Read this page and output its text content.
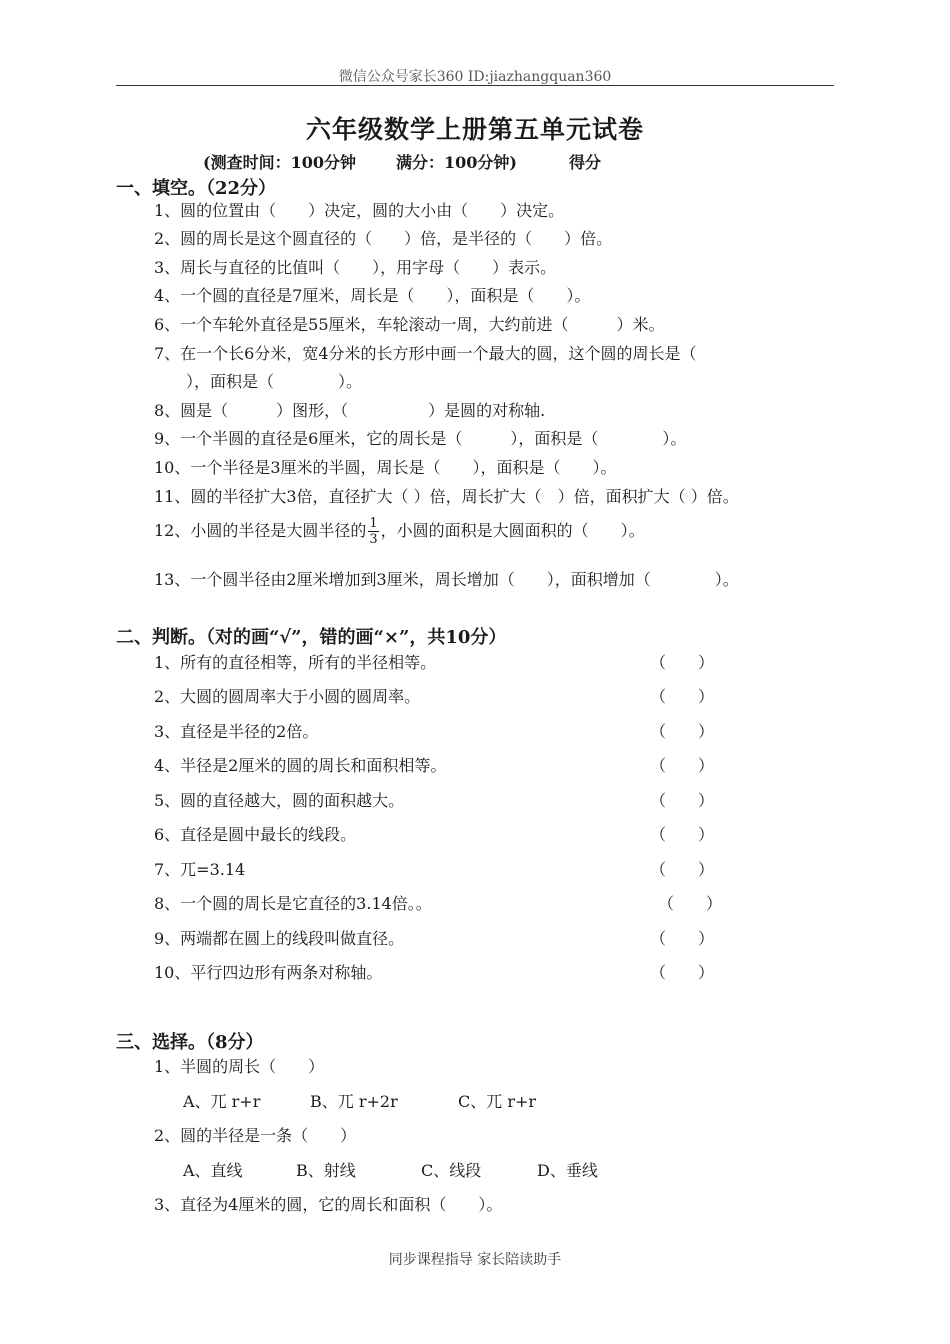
微信公众号家长360 ID:jiazhangquan360
六年级数学上册第五单元试卷
(测查时间：100分钟	满分：100分钟)	得分
一、填空。（22分）
1、圆的位置由（　　）决定，圆的大小由（　　）决定。
2、圆的周长是这个圆直径的（　　）倍，是半径的（　　）倍。
3、周长与直径的比值叫（　　），用字母（　　）表示。
4、一个圆的直径是7厘米，周长是（　　），面积是（　　）。
6、一个车轮外直径是55厘米，车轮滚动一周，大约前进（　　　）米。
7、在一个长6分米，宽4分米的长方形中画一个最大的圆，这个圆的周长是（
　　），面积是（　　　　）。
8、圆是（　　　）图形，（　　　　　）是圆的对称轴.
9、一个半圆的直径是6厘米，它的周长是（　　　），面积是（　　　　）。
10、一个半径是3厘米的半圆，周长是（　　），面积是（　　）。
11、圆的半径扩大3倍，直径扩大（ ）倍，周长扩大（　）倍，面积扩大（ ）倍。
12、小圆的半径是大圆半径的 $\frac{1}{3}$ ，小圆的面积是大圆面积的（　　）。
13、一个圆半径由2厘米增加到3厘米，周长增加（　　），面积增加（　　　　）。
二、判断。（对的画“√”，错的画“×”，共10分）
1、所有的直径相等，所有的半径相等。	（　　）
2、大圆的圆周率大于小圆的圆周率。	（　　）
3、直径是半径的2倍。	（　　）
4、半径是2厘米的圆的周长和面积相等。	（　　）
5、圆的直径越大，圆的面积越大。	（　　）
6、直径是圆中最长的线段。	（　　）
7、兀=3.14	（　　）
8、一个圆的周长是它直径的3.14倍。。	（　　）
9、两端都在圆上的线段叫做直径。	（　　）
10、平行四边形有两条对称轴。	（　　）
三、选择。（8分）
1、半圆的周长（　　）
A、兀 r+r	B、兀 r+2r	C、兀 r+r
2、圆的半径是一条（　　）
A、直线	B、射线	C、线段	D、垂线
3、直径为4厘米的圆，它的周长和面积（　　）。
同步课程指导 家长陪读助手
